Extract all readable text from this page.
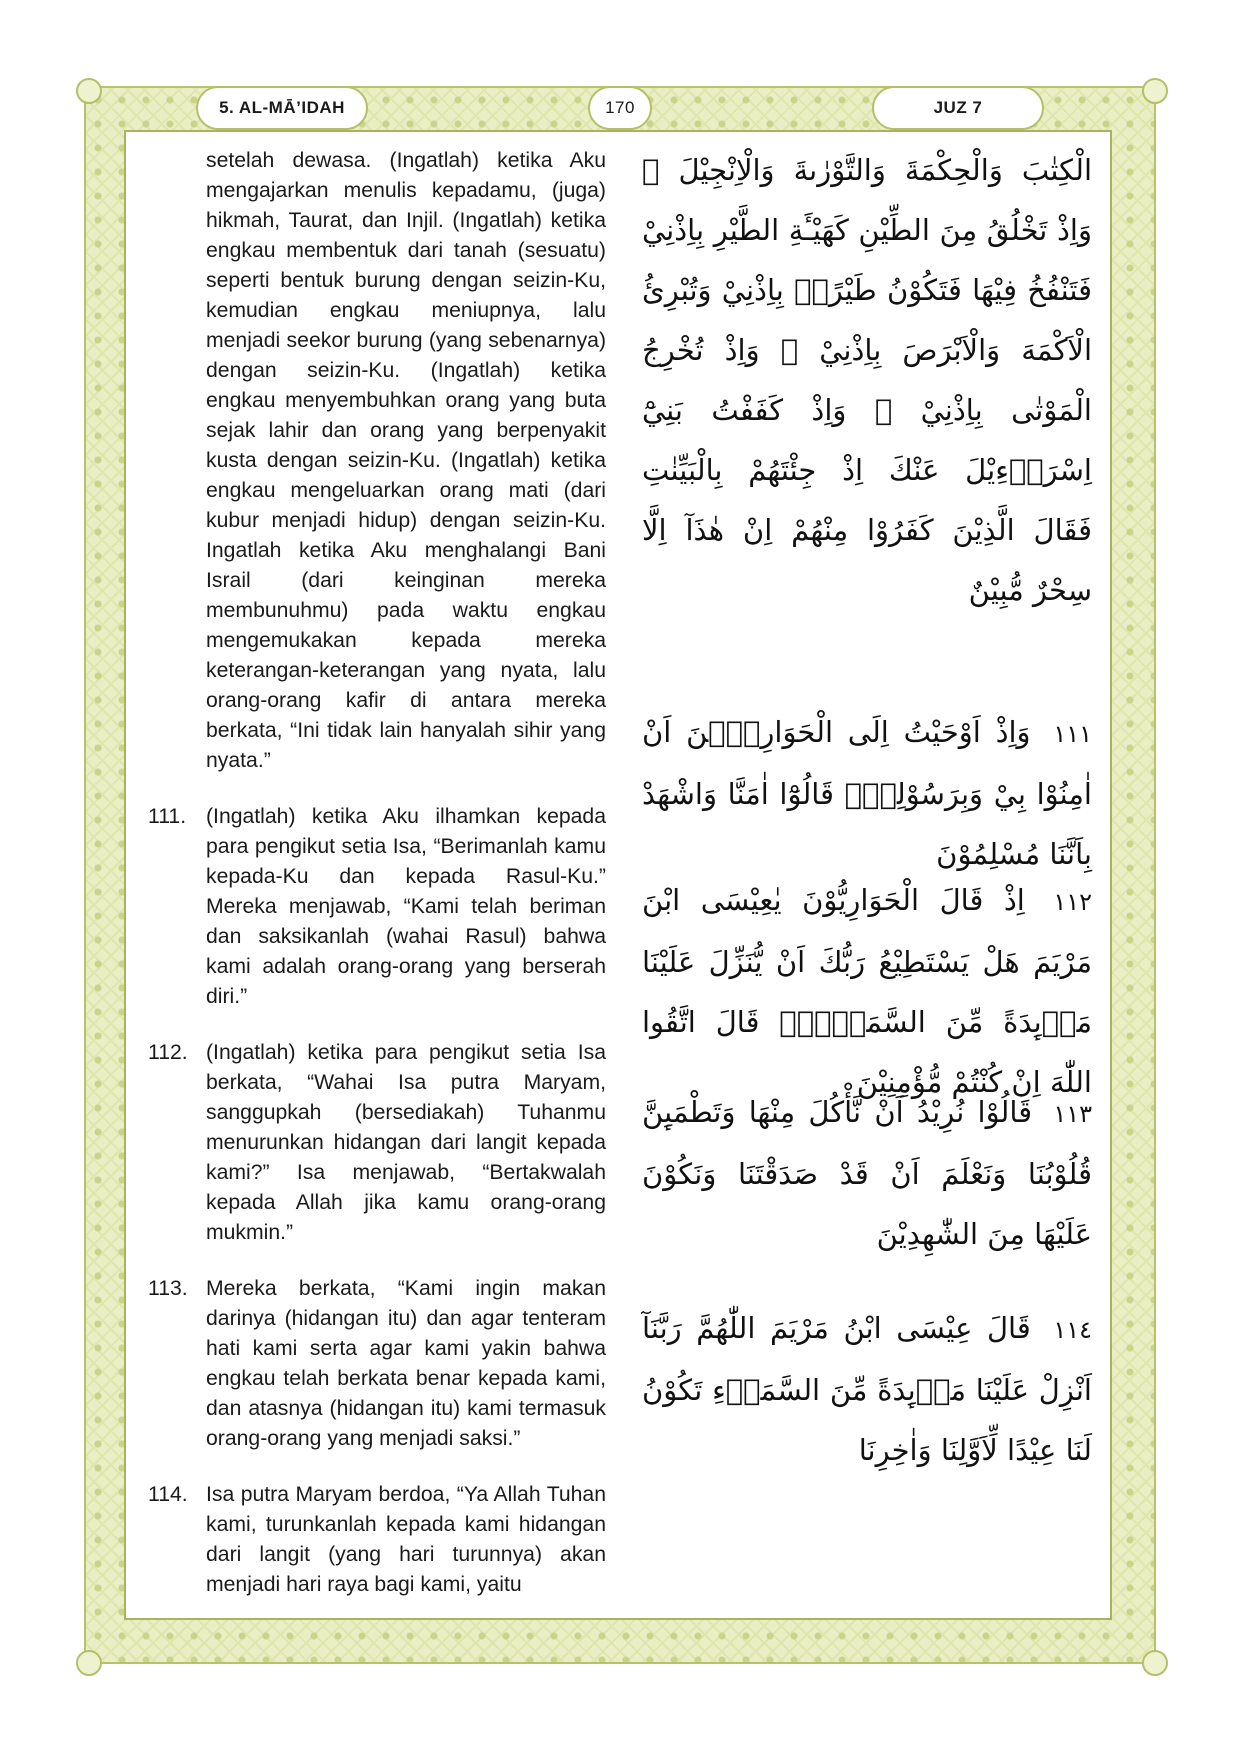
5. AL-MĀ’IDAH	170	JUZ 7
setelah dewasa. (Ingatlah) ketika Aku mengajarkan menulis kepadamu, (juga) hikmah, Taurat, dan Injil. (Ingatlah) ketika engkau membentuk dari tanah (sesuatu) seperti bentuk burung dengan seizin-Ku, kemudian engkau meniupnya, lalu menjadi seekor burung (yang sebenarnya) dengan seizin-Ku. (Ingatlah) ketika engkau menyembuhkan orang yang buta sejak lahir dan orang yang berpenyakit kusta dengan seizin-Ku. (Ingatlah) ketika engkau mengeluarkan orang mati (dari kubur menjadi hidup) dengan seizin-Ku. Ingatlah ketika Aku menghalangi Bani Israil (dari keinginan mereka membunuhmu) pada waktu engkau mengemukakan kepada mereka keterangan-keterangan yang nyata, lalu orang-orang kafir di antara mereka berkata, “Ini tidak lain hanyalah sihir yang nyata.”
111. (Ingatlah) ketika Aku ilhamkan kepada para pengikut setia Isa, “Berimanlah kamu kepada-Ku dan kepada Rasul-Ku.” Mereka menjawab, “Kami telah beriman dan saksikanlah (wahai Rasul) bahwa kami adalah orang-orang yang berserah diri.”
112. (Ingatlah) ketika para pengikut setia Isa berkata, “Wahai Isa putra Maryam, sanggupkah (bersediakah) Tuhanmu menurunkan hidangan dari langit kepada kami?” Isa menjawab, “Bertakwalah kepada Allah jika kamu orang-orang mukmin.”
113. Mereka berkata, “Kami ingin makan darinya (hidangan itu) dan agar tenteram hati kami serta agar kami yakin bahwa engkau telah berkata benar kepada kami, dan atasnya (hidangan itu) kami termasuk orang-orang yang menjadi saksi.”
114. Isa putra Maryam berdoa, “Ya Allah Tuhan kami, turunkanlah kepada kami hidangan dari langit (yang hari turunnya) akan menjadi hari raya bagi kami, yaitu
الْكِتٰبَ وَالْحِكْمَةَ وَالتَّوْرٰىةَ وَالْاِنْجِيْلَ ۚ وَاِذْ تَخْلُقُ مِنَ الطِّيْنِ كَهَيْـَٔةِ الطَّيْرِ بِاِذْنِيْ فَتَنْفُخُ فِيْهَا فَتَكُوْنُ طَيْرًاۢ بِاِذْنِيْ وَتُبْرِئُ الْاَكْمَهَ وَالْاَبْرَصَ بِاِذْنِيْ ۚ وَاِذْ تُخْرِجُ الْمَوْتٰى بِاِذْنِيْ ۚ وَاِذْ كَفَفْتُ بَنِيْٓ اِسْرَاۤءِيْلَ عَنْكَ اِذْ جِئْتَهُمْ بِالْبَيِّنٰتِ فَقَالَ الَّذِيْنَ كَفَرُوْا مِنْهُمْ اِنْ هٰذَآ اِلَّا سِحْرٌ مُّبِيْنٌ
١١١ وَاِذْ اَوْحَيْتُ اِلَى الْحَوَارِيّٖنَ اَنْ اٰمِنُوْا بِيْ وَبِرَسُوْلِيْۚ قَالُوْٓا اٰمَنَّا وَاشْهَدْ بِاَنَّنَا مُسْلِمُوْنَ
١١٢ اِذْ قَالَ الْحَوَارِيُّوْنَ يٰعِيْسَى ابْنَ مَرْيَمَ هَلْ يَسْتَطِيْعُ رَبُّكَ اَنْ يُّنَزِّلَ عَلَيْنَا مَاۤىِٕدَةً مِّنَ السَّمَاۤءِۗ قَالَ اتَّقُوا اللّٰهَ اِنْ كُنْتُمْ مُّؤْمِنِيْنَ
١١٣ قَالُوْا نُرِيْدُ اَنْ نَّأْكُلَ مِنْهَا وَتَطْمَىِٕنَّ قُلُوْبُنَا وَنَعْلَمَ اَنْ قَدْ صَدَقْتَنَا وَنَكُوْنَ عَلَيْهَا مِنَ الشّٰهِدِيْنَ
١١٤ قَالَ عِيْسَى ابْنُ مَرْيَمَ اللّٰهُمَّ رَبَّنَآ اَنْزِلْ عَلَيْنَا مَاۤىِٕدَةً مِّنَ السَّمَاۤءِ تَكُوْنُ لَنَا عِيْدًا لِّاَوَّلِنَا وَاٰخِرِنَا
